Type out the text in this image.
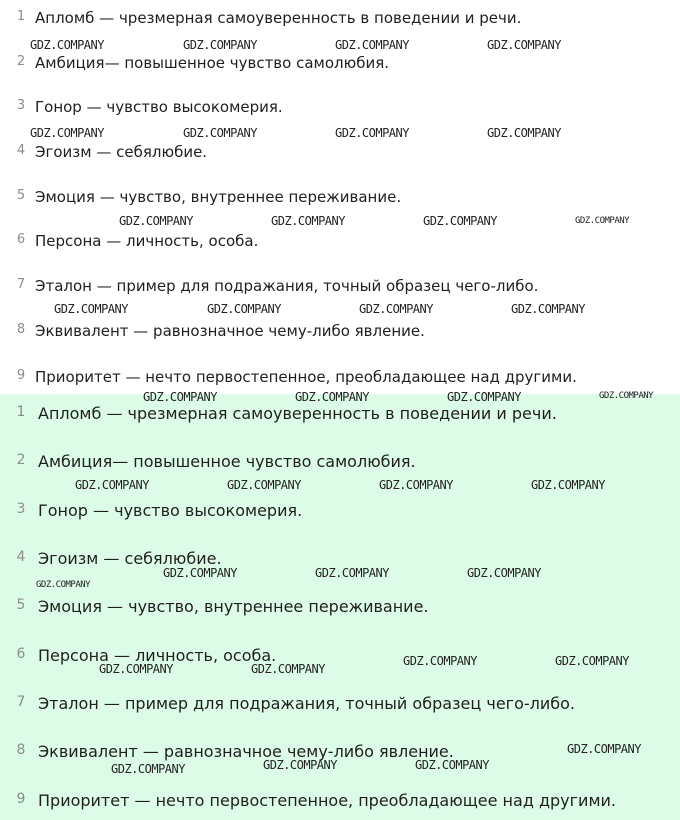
1 Апломб — чрезмерная самоуверенность в поведении и речи.
2 Амбиция— повышенное чувство самолюбия.
3 Гонор — чувство высокомерия.
4 Эгоизм — себялюбие.
5 Эмоция — чувство, внутреннее переживание.
6 Персона — личность, особа.
7 Эталон — пример для подражания, точный образец чего-либо.
8 Эквивалент — равнозначное чему-либо явление.
9 Приоритет — нечто первостепенное, преобладающее над другими.
1 Апломб — чрезмерная самоуверенность в поведении и речи.
2 Амбиция— повышенное чувство самолюбия.
3 Гонор — чувство высокомерия.
4 Эгоизм — себялюбие.
5 Эмоция — чувство, внутреннее переживание.
6 Персона — личность, особа.
7 Эталон — пример для подражания, точный образец чего-либо.
8 Эквивалент — равнозначное чему-либо явление.
9 Приоритет — нечто первостепенное, преобладающее над другими.
GDZ.COMPANY	GDZ.COMPANY	GDZ.COMPANY	GDZ.COMPANY
GDZ.COMPANY	GDZ.COMPANY	GDZ.COMPANY	GDZ.COMPANY
GDZ.COMPANY	GDZ.COMPANY	GDZ.COMPANY	GDZ.COMPANY
GDZ.COMPANY	GDZ.COMPANY	GDZ.COMPANY	GDZ.COMPANY
GDZ.COMPANY	GDZ.COMPANY	GDZ.COMPANY	GDZ.COMPANY
GDZ.COMPANY	GDZ.COMPANY	GDZ.COMPANY	GDZ.COMPANY
GDZ.COMPANY	GDZ.COMPANY	GDZ.COMPANY
GDZ.COMPANY
GDZ.COMPANY	GDZ.COMPANY
GDZ.COMPANY	GDZ.COMPANY
GDZ.COMPANY	GDZ.COMPANY	GDZ.COMPANY
GDZ.COMPANY
